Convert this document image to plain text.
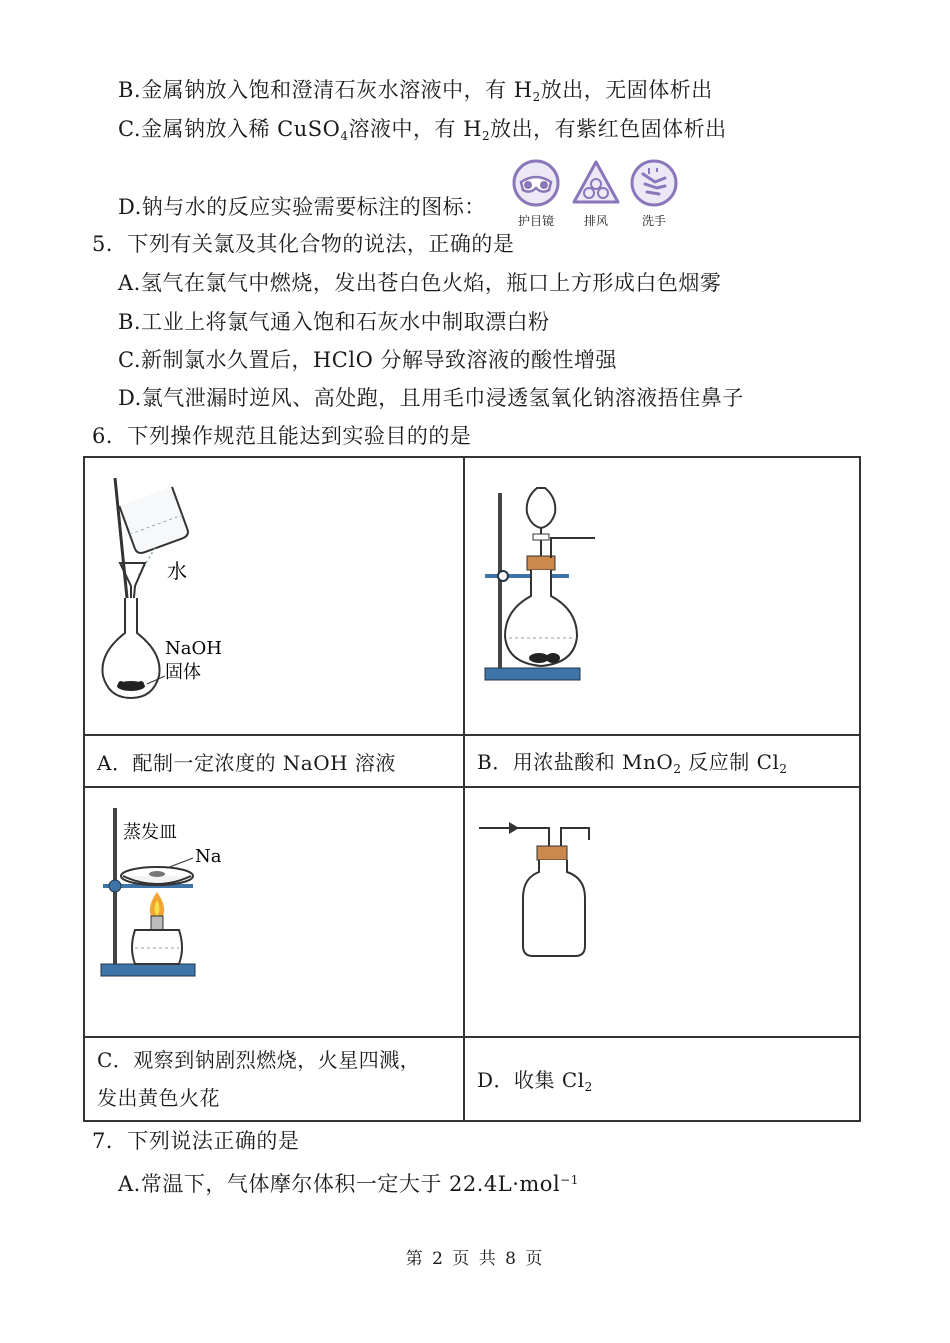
B.金属钠放入饱和澄清石灰水溶液中，有 $H_2$放出，无固体析出
C.金属钠放入稀 CuSO$_4$溶液中，有 $H_2$放出，有紫红色固体析出
D.钠与水的反应实验需要标注的图标：
护目镜	排风	洗手
5．下列有关氯及其化合物的说法，正确的是
A.氢气在氯气中燃烧，发出苍白色火焰，瓶口上方形成白色烟雾
B.工业上将氯气通入饱和石灰水中制取漂白粉
C.新制氯水久置后，HClO 分解导致溶液的酸性增强
D.氯气泄漏时逆风、高处跑，且用毛巾浸透氢氧化钠溶液捂住鼻子
6．下列操作规范且能达到实验目的的是
水
NaOH
固体

A．配制一定浓度的 NaOH 溶液	B．用浓盐酸和 MnO$_2$ 反应制 $Cl_2$

蒸发皿
Na

C．观察到钠剧烈燃烧，火星四溅，
发出黄色火花	D．收集 $Cl_2$
7．下列说法正确的是
A.常温下，气体摩尔体积一定大于 22.4L·mol$^{-1}$
第 2 页 共 8 页
